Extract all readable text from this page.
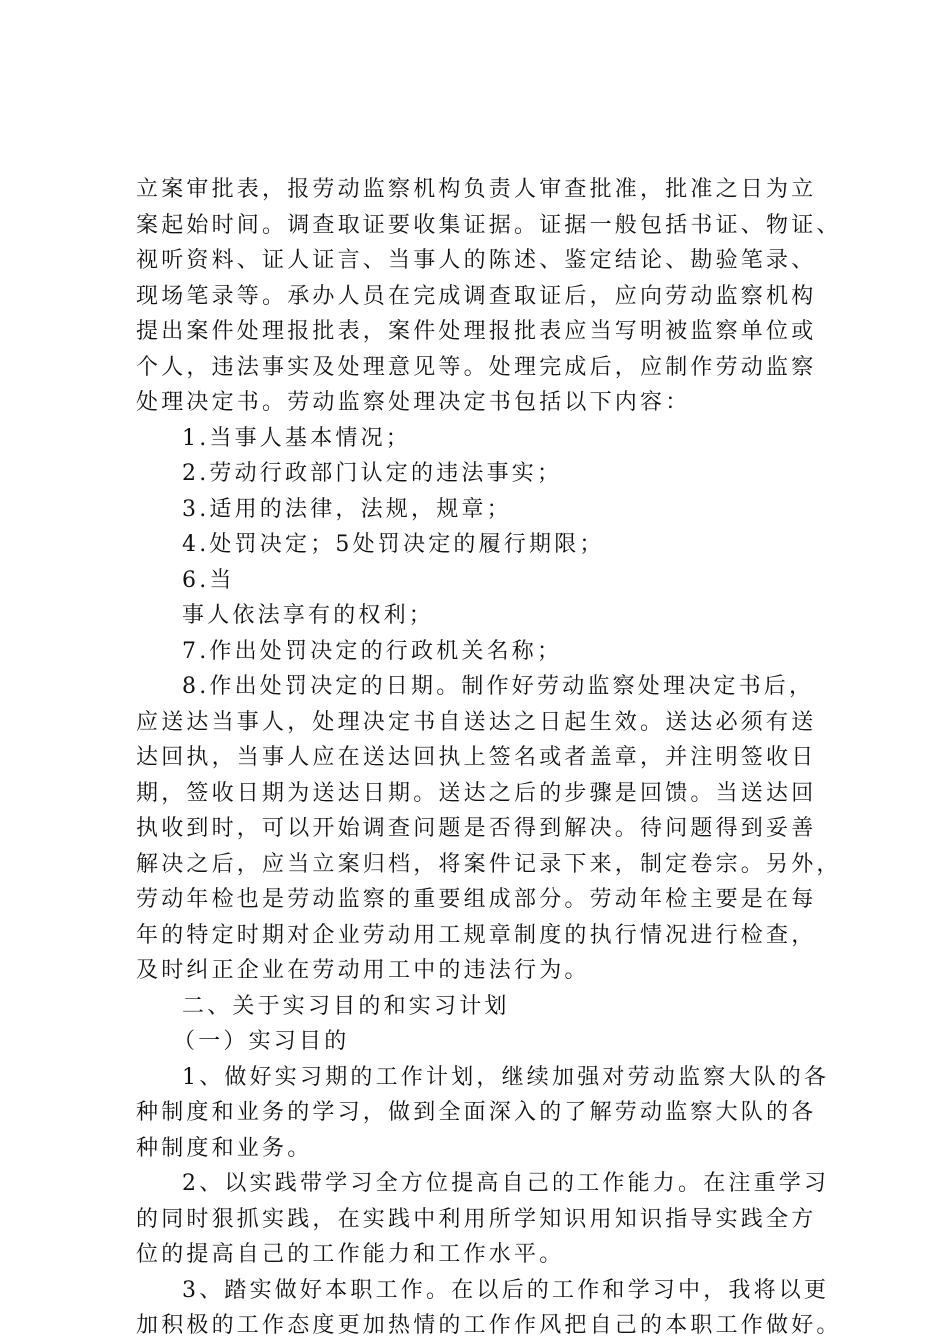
立案审批表，报劳动监察机构负责人审查批准，批准之日为立
案起始时间。调查取证要收集证据。证据一般包括书证、物证、
视听资料、证人证言、当事人的陈述、鉴定结论、勘验笔录、
现场笔录等。承办人员在完成调查取证后，应向劳动监察机构
提出案件处理报批表，案件处理报批表应当写明被监察单位或
个人，违法事实及处理意见等。处理完成后，应制作劳动监察
处理决定书。劳动监察处理决定书包括以下内容：
1.当事人基本情况；
2.劳动行政部门认定的违法事实；
3.适用的法律，法规，规章；
4.处罚决定；5处罚决定的履行期限；
6.当
事人依法享有的权利；
7.作出处罚决定的行政机关名称；
8.作出处罚决定的日期。制作好劳动监察处理决定书后，
应送达当事人，处理决定书自送达之日起生效。送达必须有送
达回执，当事人应在送达回执上签名或者盖章，并注明签收日
期，签收日期为送达日期。送达之后的步骤是回馈。当送达回
执收到时，可以开始调查问题是否得到解决。待问题得到妥善
解决之后，应当立案归档，将案件记录下来，制定卷宗。另外，
劳动年检也是劳动监察的重要组成部分。劳动年检主要是在每
年的特定时期对企业劳动用工规章制度的执行情况进行检查，
及时纠正企业在劳动用工中的违法行为。
二、关于实习目的和实习计划
（一）实习目的
1、做好实习期的工作计划，继续加强对劳动监察大队的各
种制度和业务的学习，做到全面深入的了解劳动监察大队的各
种制度和业务。
2、以实践带学习全方位提高自己的工作能力。在注重学习
的同时狠抓实践，在实践中利用所学知识用知识指导实践全方
位的提高自己的工作能力和工作水平。
3、踏实做好本职工作。在以后的工作和学习中，我将以更
加积极的工作态度更加热情的工作作风把自己的本职工作做好。
